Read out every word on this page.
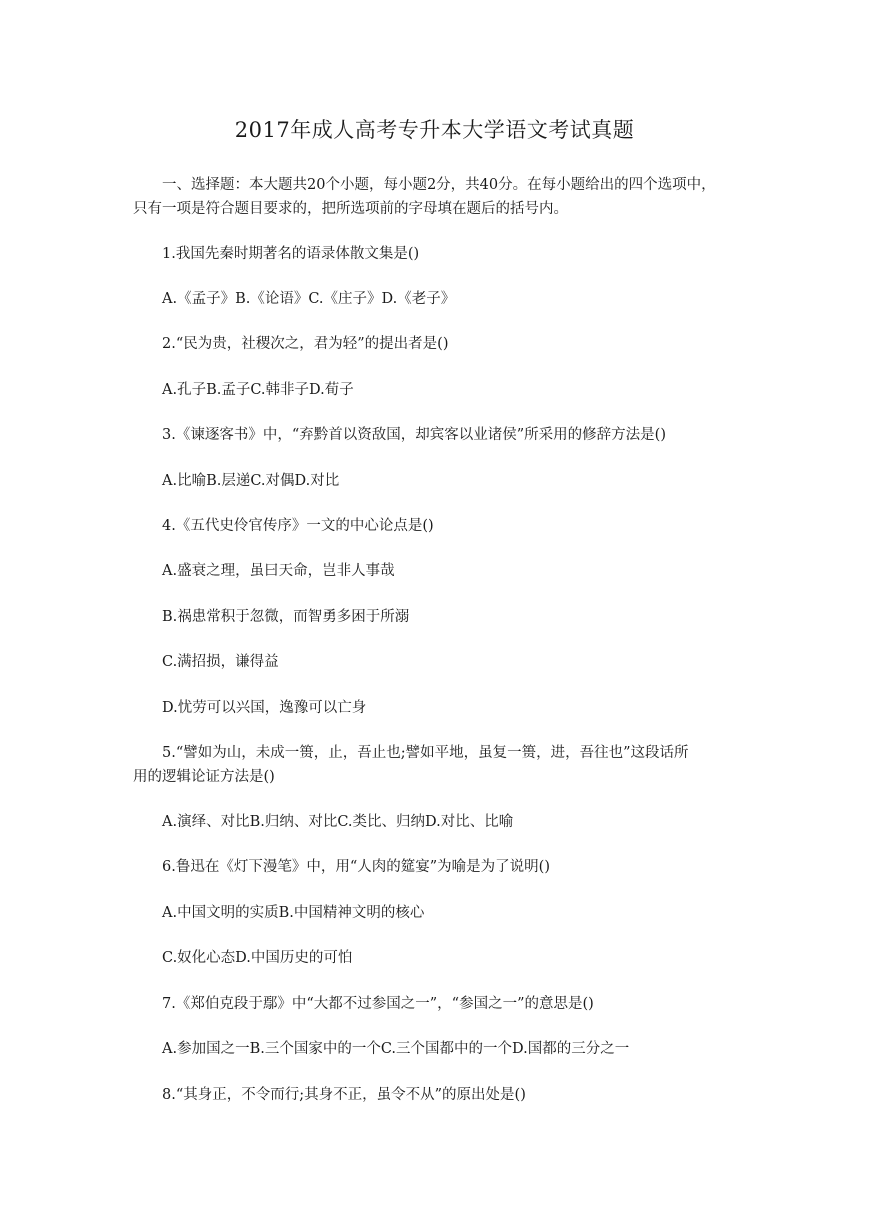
2017年成人高考专升本大学语文考试真题

一、选择题：本大题共20个小题，每小题2分，共40分。在每小题给出的四个选项中，

只有一项是符合题目要求的，把所选项前的字母填在题后的括号内。

1.我国先秦时期著名的语录体散文集是()

A.《孟子》B.《论语》C.《庄子》D.《老子》

2.“民为贵，社稷次之，君为轻”的提出者是()

A.孔子B.孟子C.韩非子D.荀子

3.《谏逐客书》中，“弃黔首以资敌国，却宾客以业诸侯”所采用的修辞方法是()

A.比喻B.层递C.对偶D.对比

4.《五代史伶官传序》一文的中心论点是()

A.盛衰之理，虽曰天命，岂非人事哉

B.祸患常积于忽微，而智勇多困于所溺

C.满招损，谦得益

D.忧劳可以兴国，逸豫可以亡身

5.“譬如为山，未成一篑，止，吾止也;譬如平地，虽复一篑，进，吾往也”这段话所

用的逻辑论证方法是()

A.演绎、对比B.归纳、对比C.类比、归纳D.对比、比喻

6.鲁迅在《灯下漫笔》中，用“人肉的筵宴”为喻是为了说明()

A.中国文明的实质B.中国精神文明的核心

C.奴化心态D.中国历史的可怕

7.《郑伯克段于鄢》中“大都不过参国之一”，“参国之一”的意思是()

A.参加国之一B.三个国家中的一个C.三个国都中的一个D.国都的三分之一

8.“其身正，不令而行;其身不正，虽令不从”的原出处是()
